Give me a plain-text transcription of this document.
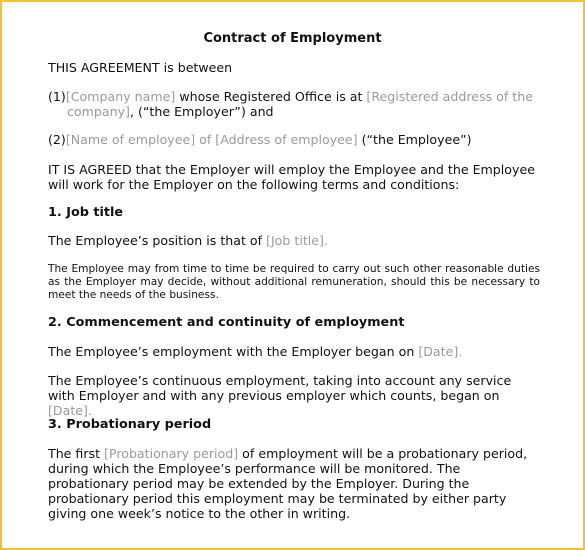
Contract of Employment
THIS AGREEMENT is between
(1)[Company name] whose Registered Office is at [Registered address of the company], (“the Employer”) and
(2)[Name of employee] of [Address of employee] (“the Employee”)
IT IS AGREED that the Employer will employ the Employee and the Employee will work for the Employer on the following terms and conditions:
1. Job title
The Employee’s position is that of [Job title].
The Employee may from time to time be required to carry out such other reasonable duties as the Employer may decide, without additional remuneration, should this be necessary to meet the needs of the business.
2. Commencement and continuity of employment
The Employee’s employment with the Employer began on [Date].
The Employee’s continuous employment, taking into account any service with Employer and with any previous employer which counts, began on [Date].
3. Probationary period
The first [Probationary period] of employment will be a probationary period, during which the Employee’s performance will be monitored. The probationary period may be extended by the Employer. During the probationary period this employment may be terminated by either party giving one week’s notice to the other in writing.
